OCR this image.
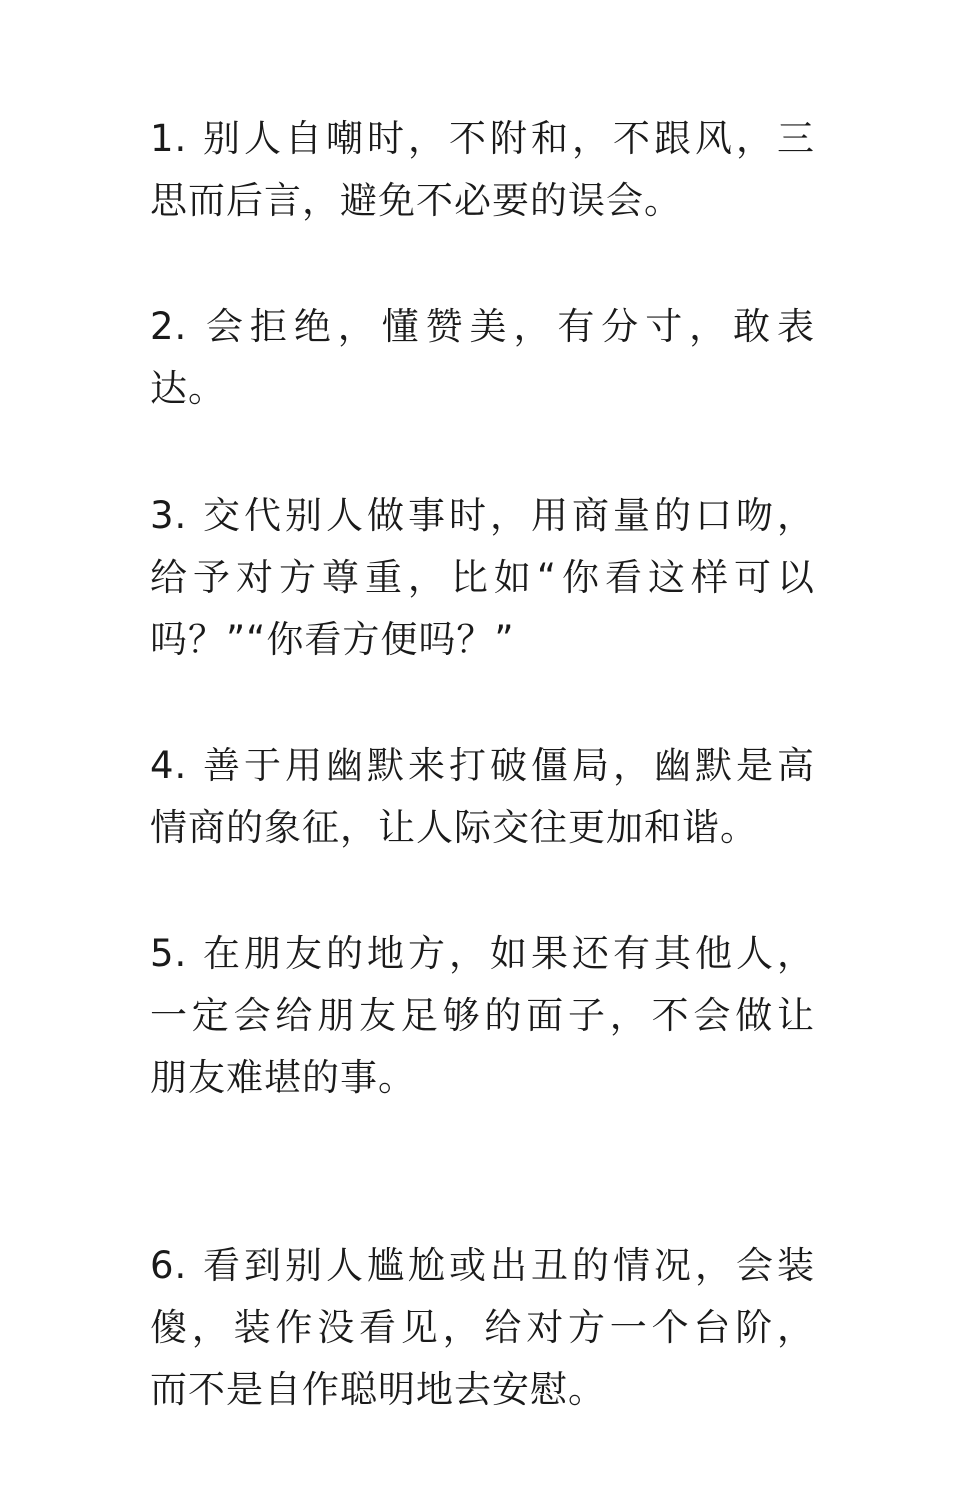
1. 别人自嘲时，不附和，不跟风，三
思而后言，避免不必要的误会。
2. 会拒绝，懂赞美，有分寸，敢表
达。
3. 交代别人做事时，用商量的口吻，
给予对方尊重，比如“你看这样可以
吗？”“你看方便吗？”
4. 善于用幽默来打破僵局，幽默是高
情商的象征，让人际交往更加和谐。
5. 在朋友的地方，如果还有其他人，
一定会给朋友足够的面子，不会做让
朋友难堪的事。
6. 看到别人尴尬或出丑的情况，会装
傻，装作没看见，给对方一个台阶，
而不是自作聪明地去安慰。
